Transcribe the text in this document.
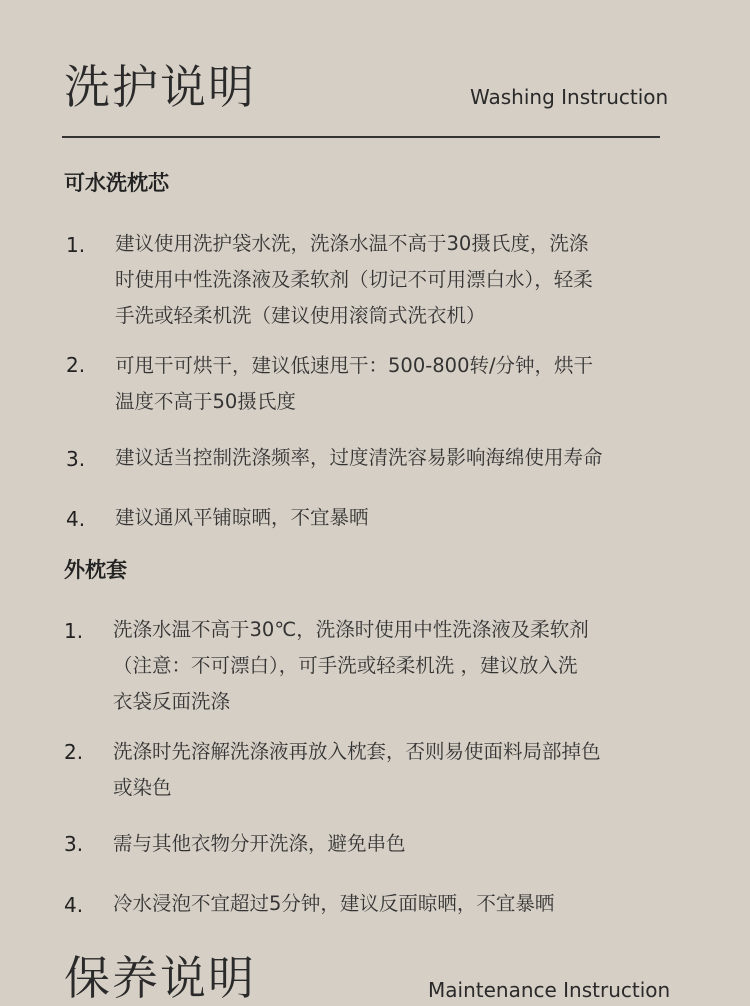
洗护说明	Washing Instruction
可水洗枕芯
1. 建议使用洗护袋水洗，洗涤水温不高于30摄氏度，洗涤
时使用中性洗涤液及柔软剂（切记不可用漂白水），轻柔
手洗或轻柔机洗（建议使用滚筒式洗衣机）
2. 可甩干可烘干，建议低速甩干：500-800转/分钟，烘干
温度不高于50摄氏度
3. 建议适当控制洗涤频率，过度清洗容易影响海绵使用寿命
4. 建议通风平铺晾晒，不宜暴晒
外枕套
1. 洗涤水温不高于30℃，洗涤时使用中性洗涤液及柔软剂
（注意：不可漂白），可手洗或轻柔机洗 ，建议放入洗
衣袋反面洗涤
2. 洗涤时先溶解洗涤液再放入枕套，否则易使面料局部掉色
或染色
3. 需与其他衣物分开洗涤，避免串色
4. 冷水浸泡不宜超过5分钟，建议反面晾晒，不宜暴晒
保养说明	Maintenance Instruction
